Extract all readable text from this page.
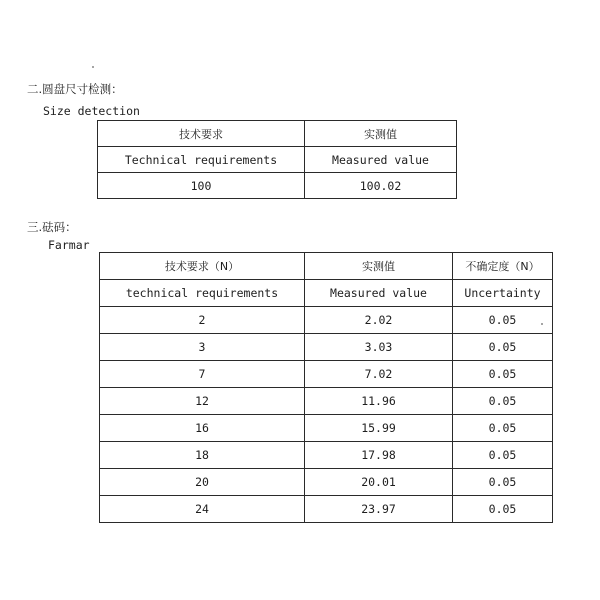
二.圆盘尺寸检测：
Size detection
技术要求	实测值
Technical requirements	Measured value
100	100.02
三.砝码：
Farmar
技术要求（N）	实测值	不确定度（N）
technical requirements	Measured value	Uncertainty
2	2.02	0.05
3	3.03	0.05
7	7.02	0.05
12	11.96	0.05
16	15.99	0.05
18	17.98	0.05
20	20.01	0.05
24	23.97	0.05
